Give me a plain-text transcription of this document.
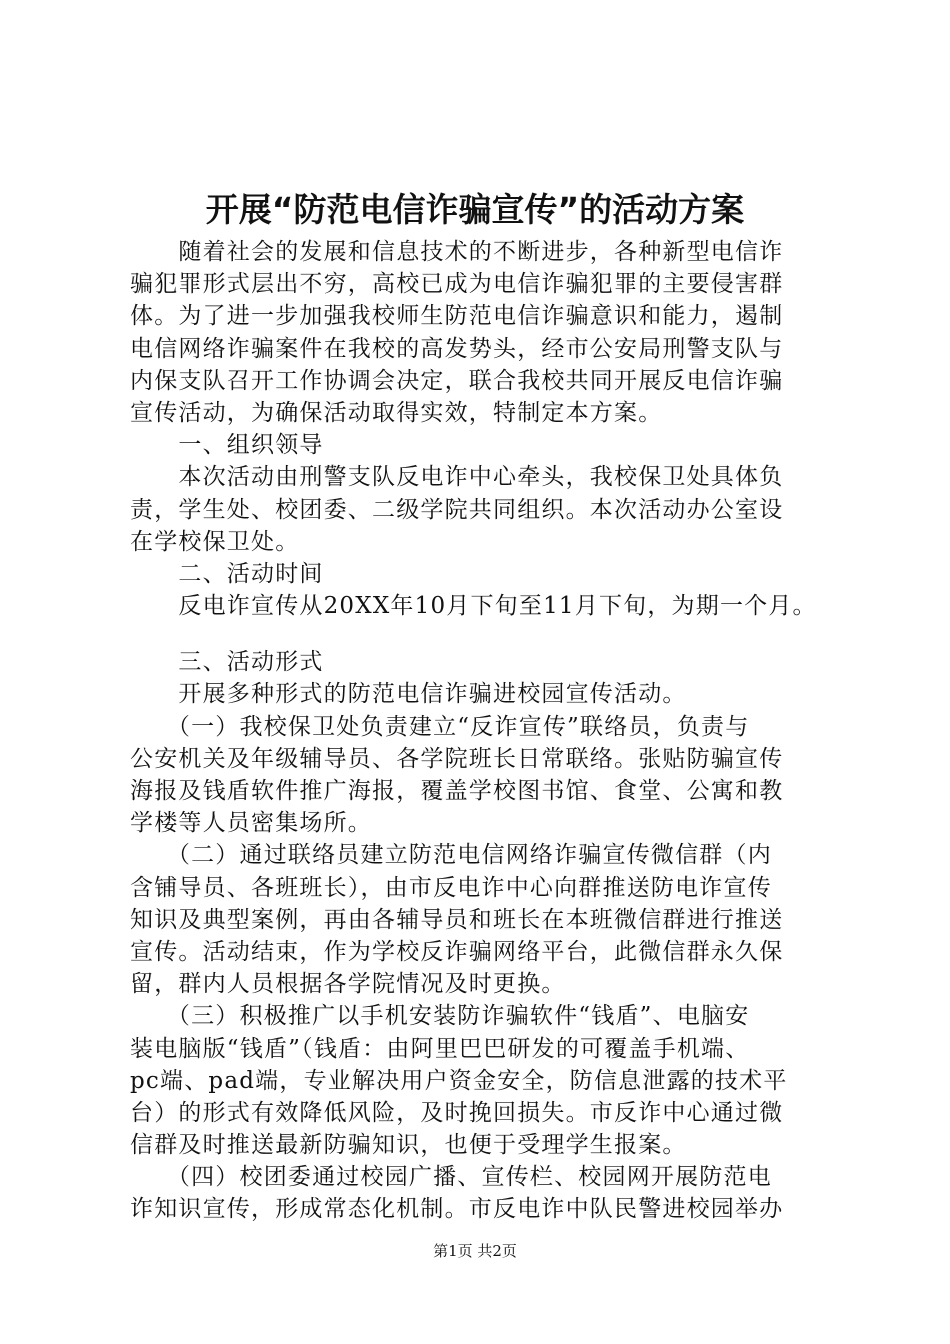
开展“防范电信诈骗宣传”的活动方案
　　随着社会的发展和信息技术的不断进步，各种新型电信诈
骗犯罪形式层出不穷，高校已成为电信诈骗犯罪的主要侵害群
体。为了进一步加强我校师生防范电信诈骗意识和能力，遏制
电信网络诈骗案件在我校的高发势头，经市公安局刑警支队与
内保支队召开工作协调会决定，联合我校共同开展反电信诈骗
宣传活动，为确保活动取得实效，特制定本方案。
　　一、组织领导
　　本次活动由刑警支队反电诈中心牵头，我校保卫处具体负
责，学生处、校团委、二级学院共同组织。本次活动办公室设
在学校保卫处。
　　二、活动时间
　　反电诈宣传从20XX年10月下旬至11月下旬，为期一个月。
　　三、活动形式
　　开展多种形式的防范电信诈骗进校园宣传活动。
　　（一）我校保卫处负责建立“反诈宣传”联络员，负责与
公安机关及年级辅导员、各学院班长日常联络。张贴防骗宣传
海报及钱盾软件推广海报，覆盖学校图书馆、食堂、公寓和教
学楼等人员密集场所。
　　（二）通过联络员建立防范电信网络诈骗宣传微信群（内
含铺导员、各班班长），由市反电诈中心向群推送防电诈宣传
知识及典型案例，再由各辅导员和班长在本班微信群进行推送
宣传。活动结束，作为学校反诈骗网络平台，此微信群永久保
留，群内人员根据各学院情况及时更换。
　　（三）积极推广以手机安装防诈骗软件“钱盾”、电脑安
装电脑版“钱盾”（钱盾：由阿里巴巴研发的可覆盖手机端、
pc端、pad端，专业解决用户资金安全，防信息泄露的技术平
台）的形式有效降低风险，及时挽回损失。市反诈中心通过微
信群及时推送最新防骗知识，也便于受理学生报案。
　　（四）校团委通过校园广播、宣传栏、校园网开展防范电
诈知识宣传，形成常态化机制。市反电诈中队民警进校园举办
第1页 共2页
